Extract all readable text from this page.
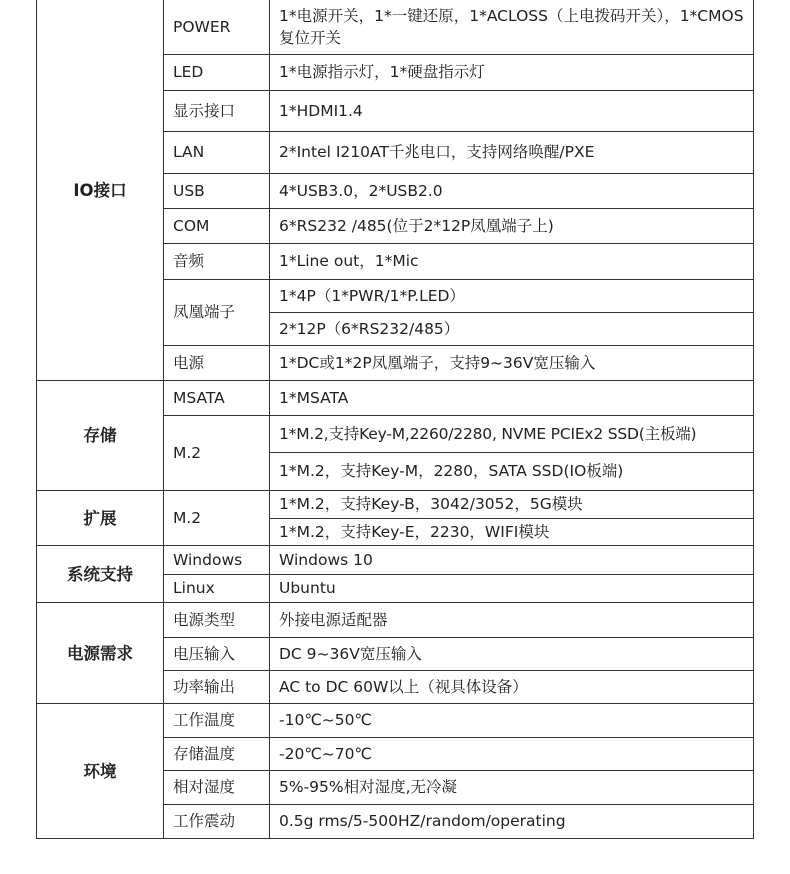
IO接口	POWER	1*电源开关，1*一键还原，1*ACLOSS（上电拨码开关），1*CMOS复位开关
	LED	1*电源指示灯，1*硬盘指示灯
	显示接口	1*HDMI1.4
	LAN	2*Intel I210AT千兆电口，支持网络唤醒/PXE
	USB	4*USB3.0，2*USB2.0
	COM	6*RS232 /485(位于2*12P凤凰端子上)
	音频	1*Line out，1*Mic
	凤凰端子	1*4P（1*PWR/1*P.LED）
		2*12P（6*RS232/485）
	电源	1*DC或1*2P凤凰端子，支持9~36V宽压输入
存储	MSATA	1*MSATA
	M.2	1*M.2,支持Key-M,2260/2280, NVME PCIEx2 SSD(主板端)
		1*M.2，支持Key-M，2280，SATA SSD(IO板端)
扩展	M.2	1*M.2，支持Key-B，3042/3052，5G模块
		1*M.2，支持Key-E，2230，WIFI模块
系统支持	Windows	Windows 10
	Linux	Ubuntu
电源需求	电源类型	外接电源适配器
	电压输入	DC 9~36V宽压输入
	功率输出	AC to DC 60W以上（视具体设备）
环境	工作温度	-10℃~50℃
	存储温度	-20℃~70℃
	相对湿度	5%-95%相对湿度,无冷凝
	工作震动	0.5g rms/5-500HZ/random/operating
